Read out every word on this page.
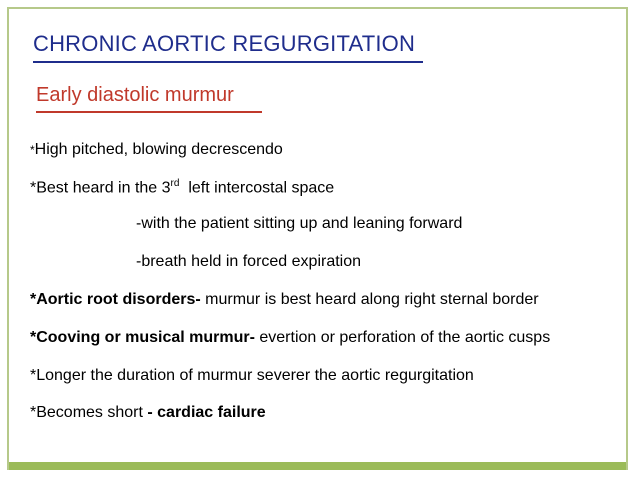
CHRONIC AORTIC REGURGITATION
Early diastolic murmur
*High pitched, blowing decrescendo
*Best heard in the 3rd  left intercostal space
-with the patient sitting up and leaning forward
-breath held in forced expiration
*Aortic root disorders- murmur is best heard along right sternal border
*Cooving or musical murmur- evertion or perforation of the aortic cusps
*Longer the duration of murmur severer the aortic regurgitation
*Becomes short - cardiac failure
